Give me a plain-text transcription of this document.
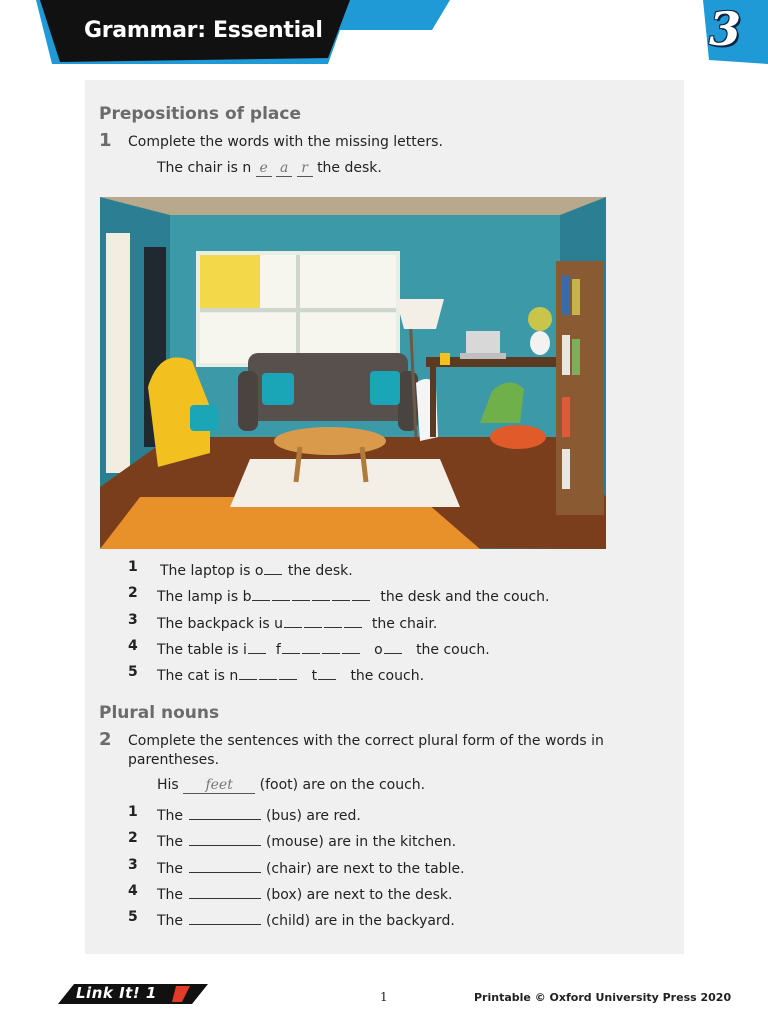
Grammar: Essential	3
Prepositions of place
1 Complete the words with the missing letters.
The chair is n e a r the desk.
1 The laptop is o the desk.
2 The lamp is b	the desk and the couch.
3 The backpack is u	the chair.
4 The table is i f	o the couch.
5 The cat is n	t the couch.
Plural nouns
2 Complete the sentences with the correct plural form of the words in parentheses.
His feet (foot) are on the couch.
1 The	(bus) are red.
2 The	(mouse) are in the kitchen.
3 The	(chair) are next to the table.
4 The	(box) are next to the desk.
5 The	(child) are in the backyard.
Link It! 1	1	Printable © Oxford University Press 2020
